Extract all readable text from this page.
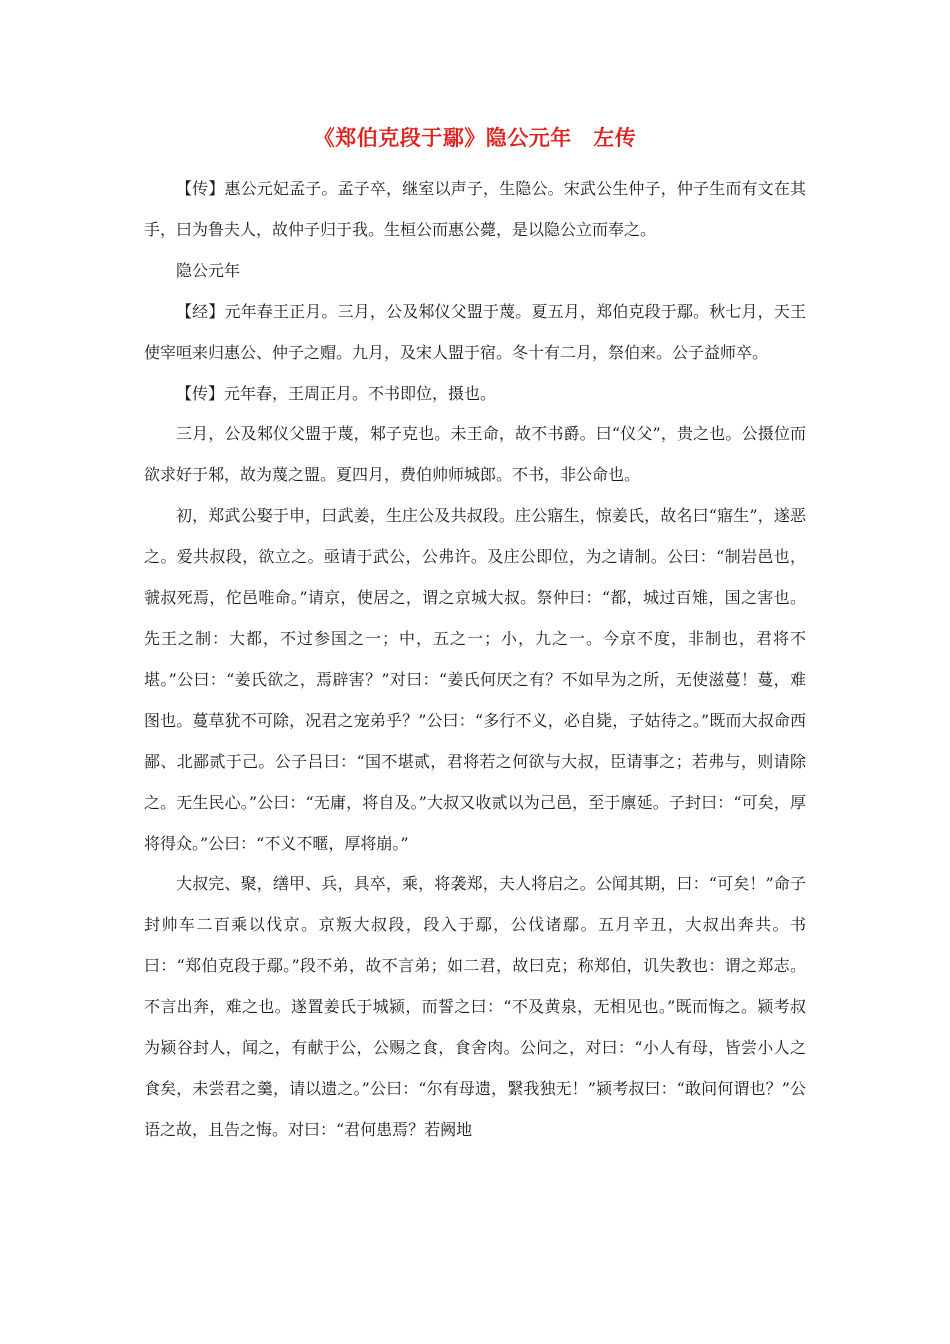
《郑伯克段于鄢》隐公元年　左传

【传】惠公元妃孟子。孟子卒，继室以声子，生隐公。宋武公生仲子，仲子生而有文在其手，曰为鲁夫人，故仲子归于我。生桓公而惠公薨，是以隐公立而奉之。

隐公元年

【经】元年春王正月。三月，公及邾仪父盟于蔑。夏五月，郑伯克段于鄢。秋七月，天王使宰咺来归惠公、仲子之赗。九月，及宋人盟于宿。冬十有二月，祭伯来。公子益师卒。

【传】元年春，王周正月。不书即位，摄也。

三月，公及邾仪父盟于蔑，邾子克也。未王命，故不书爵。曰“仪父”，贵之也。公摄位而欲求好于邾，故为蔑之盟。夏四月，费伯帅师城郎。不书，非公命也。

初，郑武公娶于申，曰武姜，生庄公及共叔段。庄公寤生，惊姜氏，故名曰“寤生”，遂恶之。爱共叔段，欲立之。亟请于武公，公弗许。及庄公即位，为之请制。公曰：“制岩邑也，虢叔死焉，佗邑唯命。”请京，使居之，谓之京城大叔。祭仲曰：“都，城过百雉，国之害也。先王之制：大都，不过参国之一；中，五之一；小，九之一。今京不度，非制也，君将不堪。”公曰：“姜氏欲之，焉辟害？”对曰：“姜氏何厌之有？不如早为之所，无使滋蔓！蔓，难图也。蔓草犹不可除，况君之宠弟乎？”公曰：“多行不义，必自毙，子姑待之。”既而大叔命西鄙、北鄙贰于己。公子吕曰：“国不堪贰，君将若之何欲与大叔，臣请事之；若弗与，则请除之。无生民心。”公曰：“无庸，将自及。”大叔又收贰以为己邑，至于廪延。子封曰：“可矣，厚将得众。”公曰：“不义不暱，厚将崩。”

大叔完、聚，缮甲、兵，具卒，乘，将袭郑，夫人将启之。公闻其期，曰：“可矣！”命子封帅车二百乘以伐京。京叛大叔段，段入于鄢，公伐诸鄢。五月辛丑，大叔出奔共。书曰：“郑伯克段于鄢。”段不弟，故不言弟；如二君，故曰克；称郑伯，讥失教也：谓之郑志。不言出奔，难之也。遂置姜氏于城颍，而誓之曰：“不及黄泉，无相见也。”既而悔之。颍考叔为颍谷封人，闻之，有献于公，公赐之食，食舍肉。公问之，对曰：“小人有母，皆尝小人之食矣，未尝君之羹，请以遗之。”公曰：“尔有母遗，繄我独无！”颍考叔曰：“敢问何谓也？”公语之故，且告之悔。对曰：“君何患焉？若阙地
